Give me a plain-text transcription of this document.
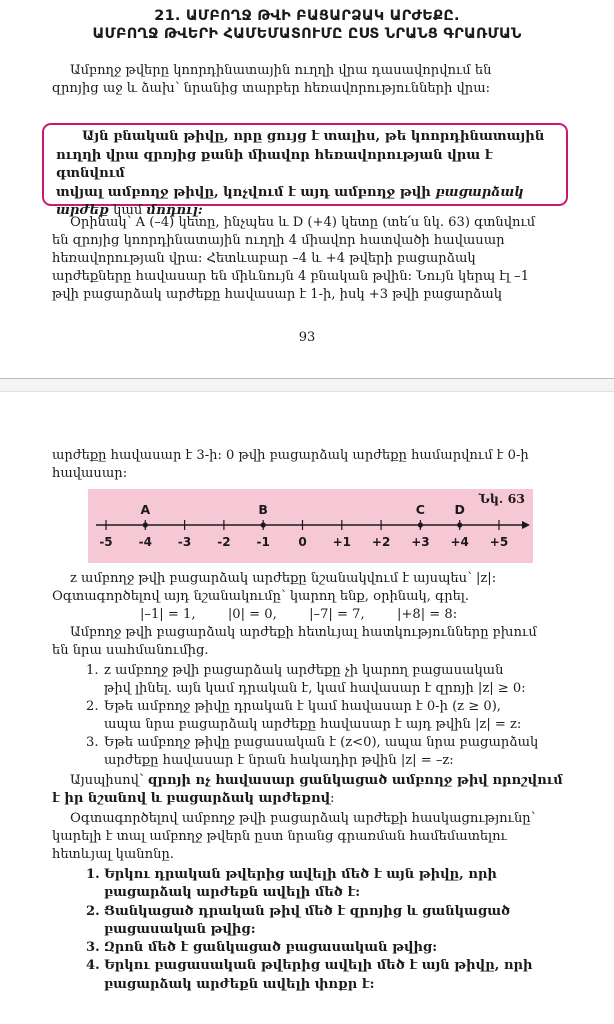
21. ԱՄԲՈՂՋ ԹՎԻ ԲԱՑԱՐՁԱԿ ԱՐԺԵՔԸ.
ԱՄԲՈՂՋ ԹՎԵՐԻ ՀԱՄԵՄԱՏՈՒՄԸ ԸՍՏ ՆՐԱՆՑ ԳՐԱՌՄԱՆ
Ամբողջ թվերը կոորդինատային ուղղի վրա դասավորվում են
զրոյից աջ և ձախ՝ նրանից տարբեր հեռավորությունների վրա:
Այն բնական թիվը, որը ցույց է տալիս, թե կոորդինատային
ուղղի վրա զրոյից քանի միավոր հեռավորության վրա է գտնվում
տվյալ ամբողջ թիվը, կոչվում է այդ ամբողջ թվի բացարձակ
արժեք կամ մոդուլ:
Օրինակ՝ A (–4) կետը, ինչպես և D (+4) կետը (տե՛ս նկ. 63) գտնվում
են զրոյից կոորդինատային ուղղի 4 միավոր հատվածի հավասար
հեռավորության վրա: Հետևաբար –4 և +4 թվերի բացարձակ
արժեքները հավասար են միևնույն 4 բնական թվին: Նույն կերպ էլ –1
թվի բացարձակ արժեքը հավասար է 1-ի, իսկ +3 թվի բացարձակ
93
արժեքը հավասար է 3-ի: 0 թվի բացարձակ արժեքը համարվում է 0-ի
հավասար:
Նկ. 63
-5 -4 -3 -2 -1 0 +1 +2 +3 +4 +5
A	B	C D
z ամբողջ թվի բացարձակ արժեքը նշանակվում է այսպես՝ |z|:
Օգտագործելով այդ նշանակումը՝ կարող ենք, օրինակ, գրել.
|–1| = 1, |0| = 0, |–7| = 7, |+8| = 8:
Ամբողջ թվի բացարձակ արժեքի հետևյալ հատկությունները բխում
են նրա սահմանումից.
1. z ամբողջ թվի բացարձակ արժեքը չի կարող բացասական
թիվ լինել. այն կամ դրական է, կամ հավասար է զրոյի |z| ≥ 0:
2. Եթե ամբողջ թիվը դրական է կամ հավասար է 0-ի (z ≥ 0),
ապա նրա բացարձակ արժեքը հավասար է այդ թվին |z| = z:
3. Եթե ամբողջ թիվը բացասական է (z<0), ապա նրա բացարձակ
արժեքը հավասար է նրան հակադիր թվին |z| = –z:
Այսպիսով՝ զրոյի ոչ հավասար ցանկացած ամբողջ թիվ որոշվում
է իր նշանով և բացարձակ արժեքով:
Օգտագործելով ամբողջ թվի բացարձակ արժեքի հասկացությունը՝
կարելի է տալ ամբողջ թվերն ըստ նրանց գրառման համեմատելու
հետևյալ կանոնը.
1. Երկու դրական թվերից ավելի մեծ է այն թիվը, որի
բացարձակ արժեքն ավելի մեծ է:
2. Ցանկացած դրական թիվ մեծ է զրոյից և ցանկացած
բացասական թվից:
3. Զրոն մեծ է ցանկացած բացասական թվից:
4. Երկու բացասական թվերից ավելի մեծ է այն թիվը, որի
բացարձակ արժեքն ավելի փոքր է:
